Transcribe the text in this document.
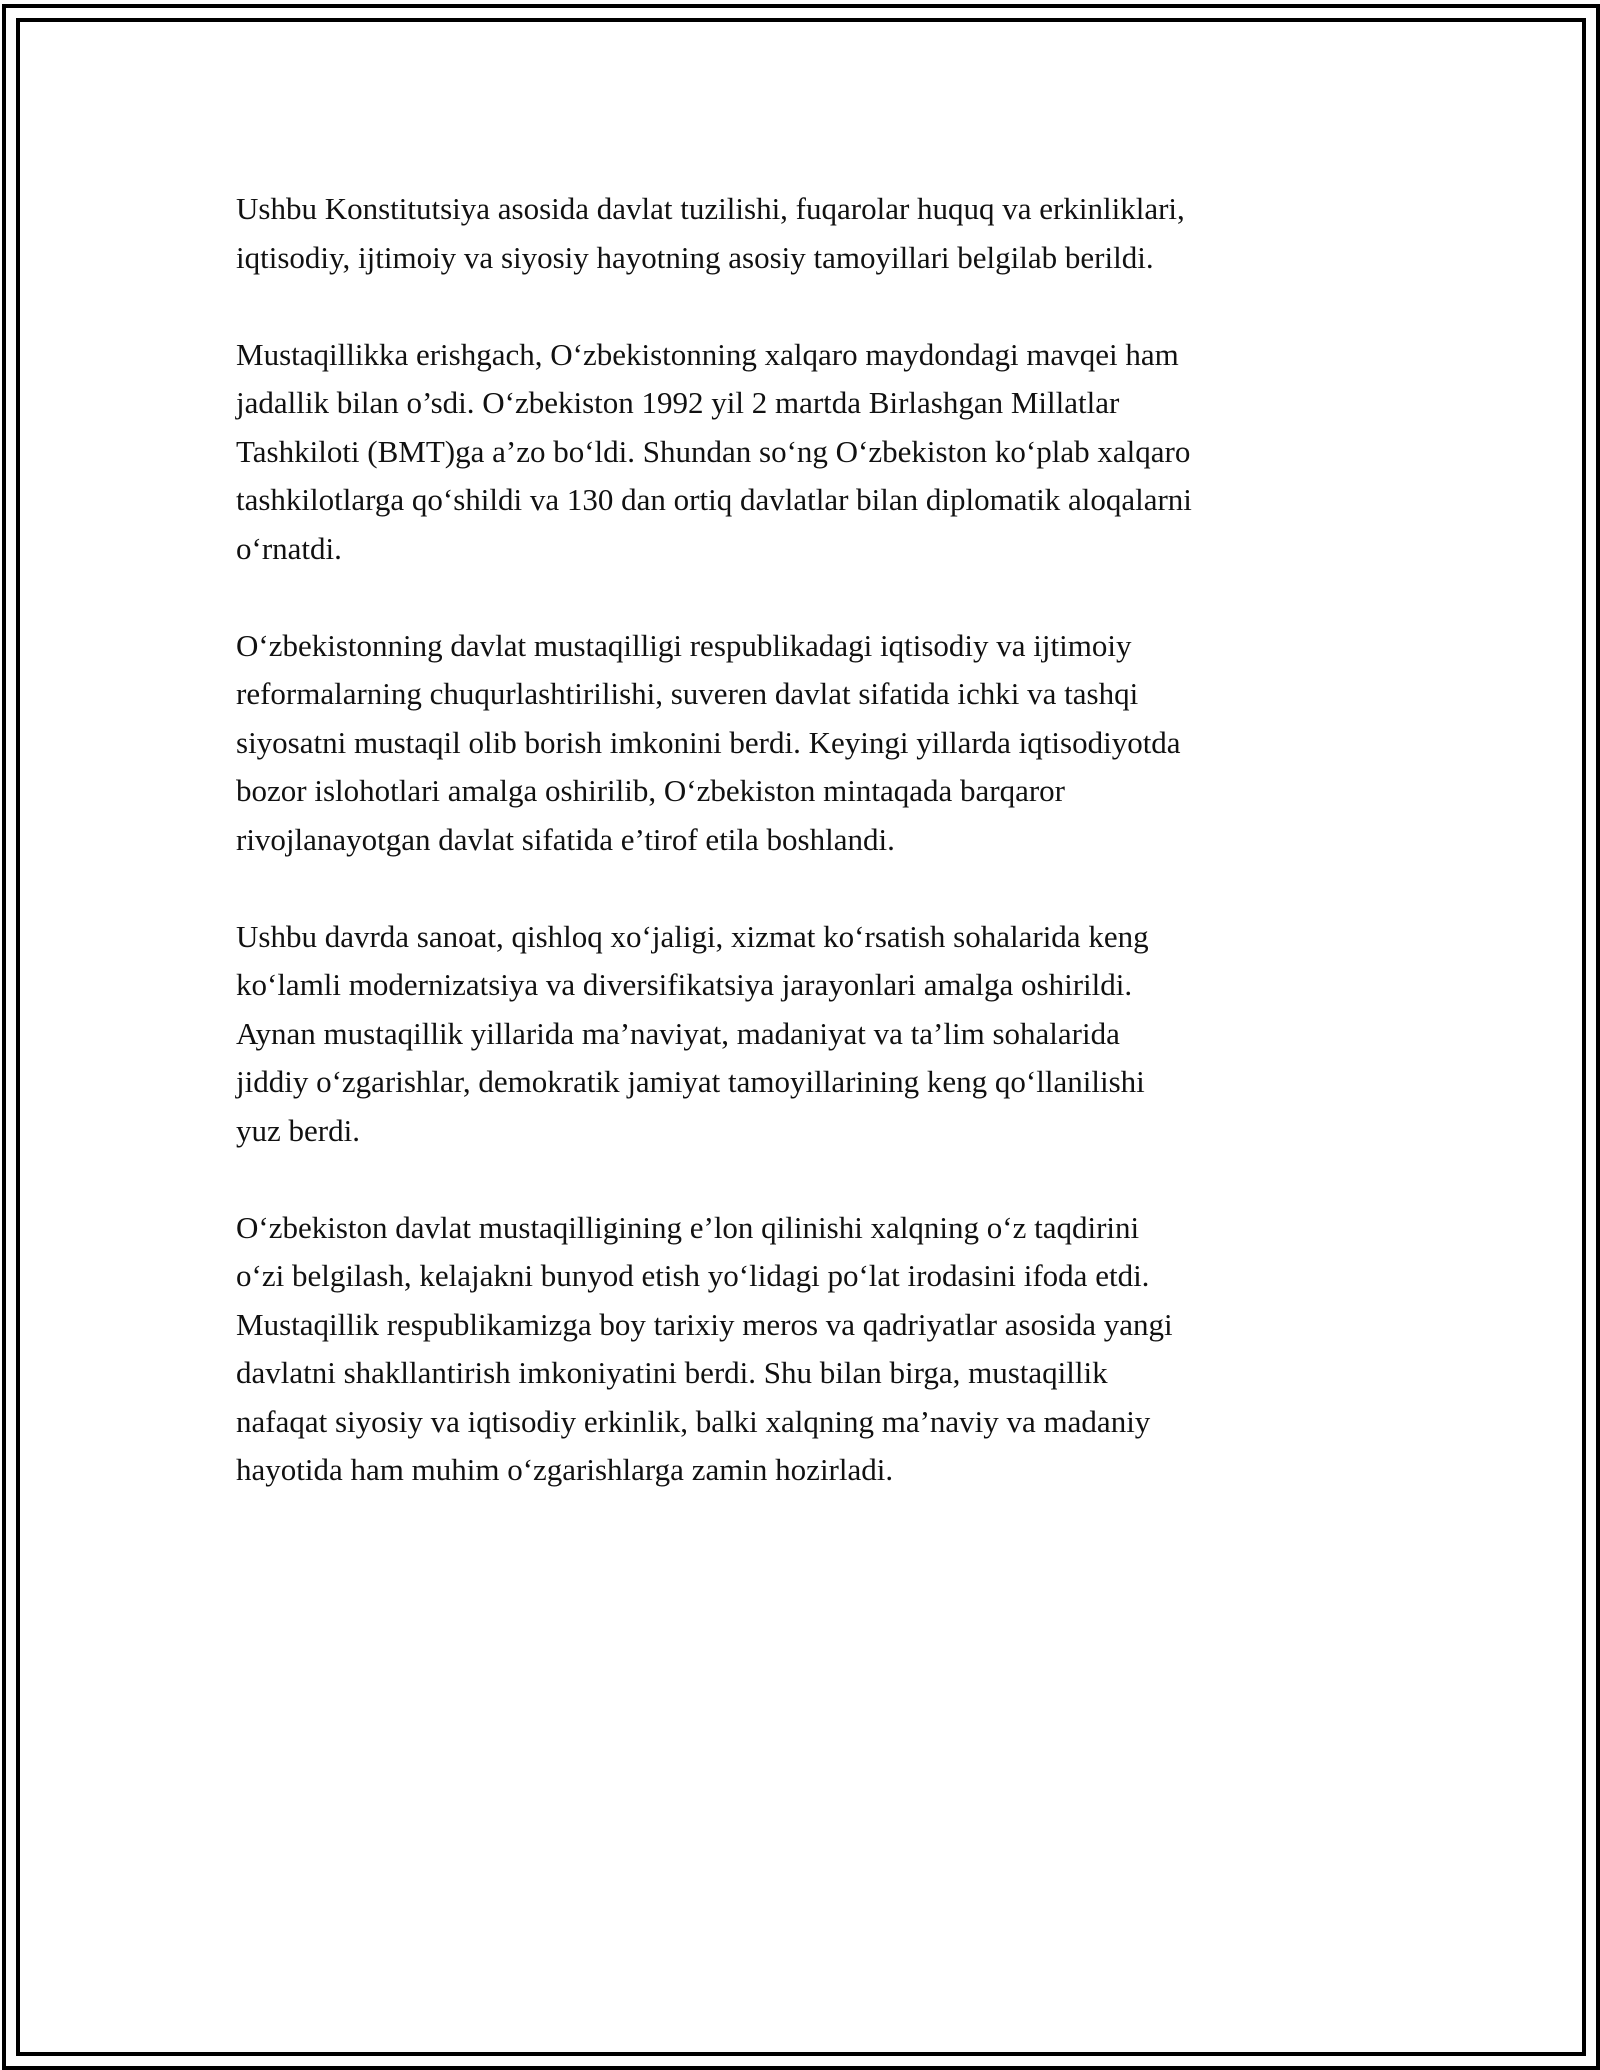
Ushbu Konstitutsiya asosida davlat tuzilishi, fuqarolar huquq va erkinliklari,
iqtisodiy, ijtimoiy va siyosiy hayotning asosiy tamoyillari belgilab berildi.

Mustaqillikka erishgach, O‘zbekistonning xalqaro maydondagi mavqei ham
jadallik bilan o’sdi. O‘zbekiston 1992 yil 2 martda Birlashgan Millatlar
Tashkiloti (BMT)ga a’zo bo‘ldi. Shundan so‘ng O‘zbekiston ko‘plab xalqaro
tashkilotlarga qo‘shildi va 130 dan ortiq davlatlar bilan diplomatik aloqalarni
o‘rnatdi.

O‘zbekistonning davlat mustaqilligi respublikadagi iqtisodiy va ijtimoiy
reformalarning chuqurlashtirilishi, suveren davlat sifatida ichki va tashqi
siyosatni mustaqil olib borish imkonini berdi. Keyingi yillarda iqtisodiyotda
bozor islohotlari amalga oshirilib, O‘zbekiston mintaqada barqaror
rivojlanayotgan davlat sifatida e’tirof etila boshlandi.

Ushbu davrda sanoat, qishloq xo‘jaligi, xizmat ko‘rsatish sohalarida keng
ko‘lamli modernizatsiya va diversifikatsiya jarayonlari amalga oshirildi.
Aynan mustaqillik yillarida ma’naviyat, madaniyat va ta’lim sohalarida
jiddiy o‘zgarishlar, demokratik jamiyat tamoyillarining keng qo‘llanilishi
yuz berdi.

O‘zbekiston davlat mustaqilligining e’lon qilinishi xalqning o‘z taqdirini
o‘zi belgilash, kelajakni bunyod etish yo‘lidagi po‘lat irodasini ifoda etdi.
Mustaqillik respublikamizga boy tarixiy meros va qadriyatlar asosida yangi
davlatni shakllantirish imkoniyatini berdi. Shu bilan birga, mustaqillik
nafaqat siyosiy va iqtisodiy erkinlik, balki xalqning ma’naviy va madaniy
hayotida ham muhim o‘zgarishlarga zamin hozirladi.
